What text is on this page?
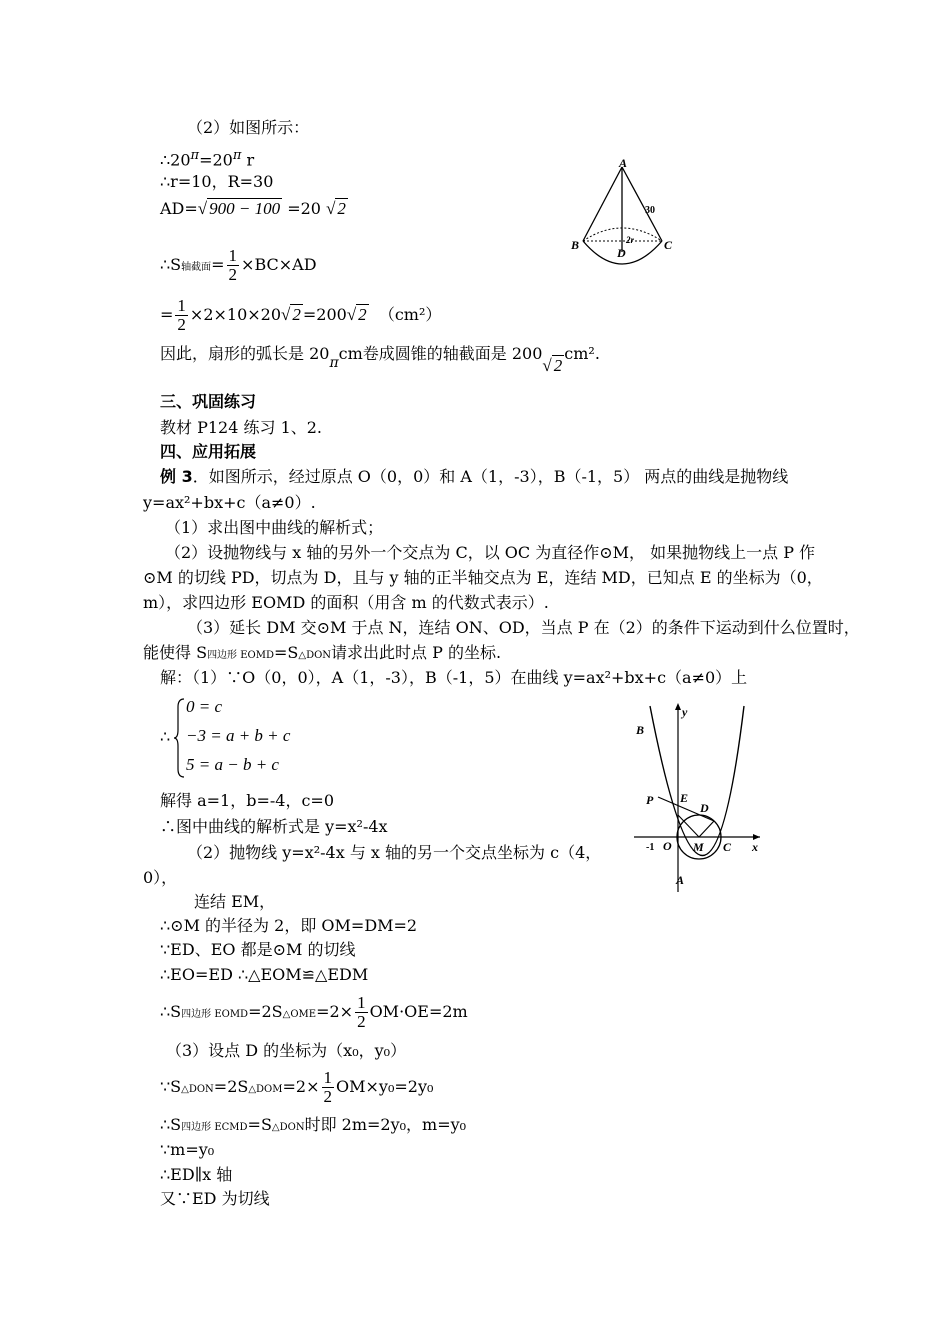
（2）如图所示：
$\therefore 20^\pi=20^\pi$ r
∴r=10，R=30
AD=√ 900 − 100 =20 √ 2
∴S轴截面= $\frac{1}{2} \times BC\times AD$
= $\frac{1}{2} \times 2\times 10\times 20√$ 2 =200√ 2 （cm²）
因此，扇形的弧长是 20πcm卷成圆锥的轴截面是 200√ 2cm².
A
B	C
D
30
2r
三、巩固练习
教材 P124 练习 1、2.
四、应用拓展
例 3．如图所示，经过原点 O（0，0）和 A（1，-3），B（-1，5） 两点的曲线是抛物线
y=ax²+bx+c（a≠0）.
（1）求出图中曲线的解析式；
（2）设抛物线与 x 轴的另外一个交点为 C，以 OC 为直径作⊙M， 如果抛物线上一点 P 作
⊙M 的切线 PD，切点为 D，且与 y 轴的正半轴交点为 E，连结 MD，已知点 E 的坐标为（0，
m），求四边形 EOMD 的面积（用含 m 的代数式表示）.
（3）延长 DM 交⊙M 于点 N，连结 ON、OD，当点 P 在（2）的条件下运动到什么位置时，
能使得 S四边形 EOMD=S△DON请求出此时点 P 的坐标.
解：（1）∵O（0，0），A（1，-3），B（-1，5）在曲线 y=ax²+bx+c（a≠0）上
∴
0 = c
−3 = a + b + c
5 = a − b + c
解得 a=1，b=-4，c=0
∴图中曲线的解析式是 y=x²-4x
（2）抛物线 y=x²-4x 与 x 轴的另一个交点坐标为 c（4，
0），
连结 EM，
∴⊙M 的半径为 2，即 OM=DM=2
∵ED、EO 都是⊙M 的切线
∴EO=ED ∴△EOM≌△EDM
∴S四边形 EOMD=2S△OME=2× $\frac{1}{2} OM\cdot OE=2m$
（3）设点 D 的坐标为（x₀，y₀）
∵S△DON=2S△DOM=2× $\frac{1}{2} OM\times y_0=2y_0$
∴S四边形 ECMD=S△DON时即 2m=2y₀，m=y₀
∵m=y₀
∴ED∥x 轴
又∵ED 为切线
y
x
B
P E
D
-1 O M C
A
